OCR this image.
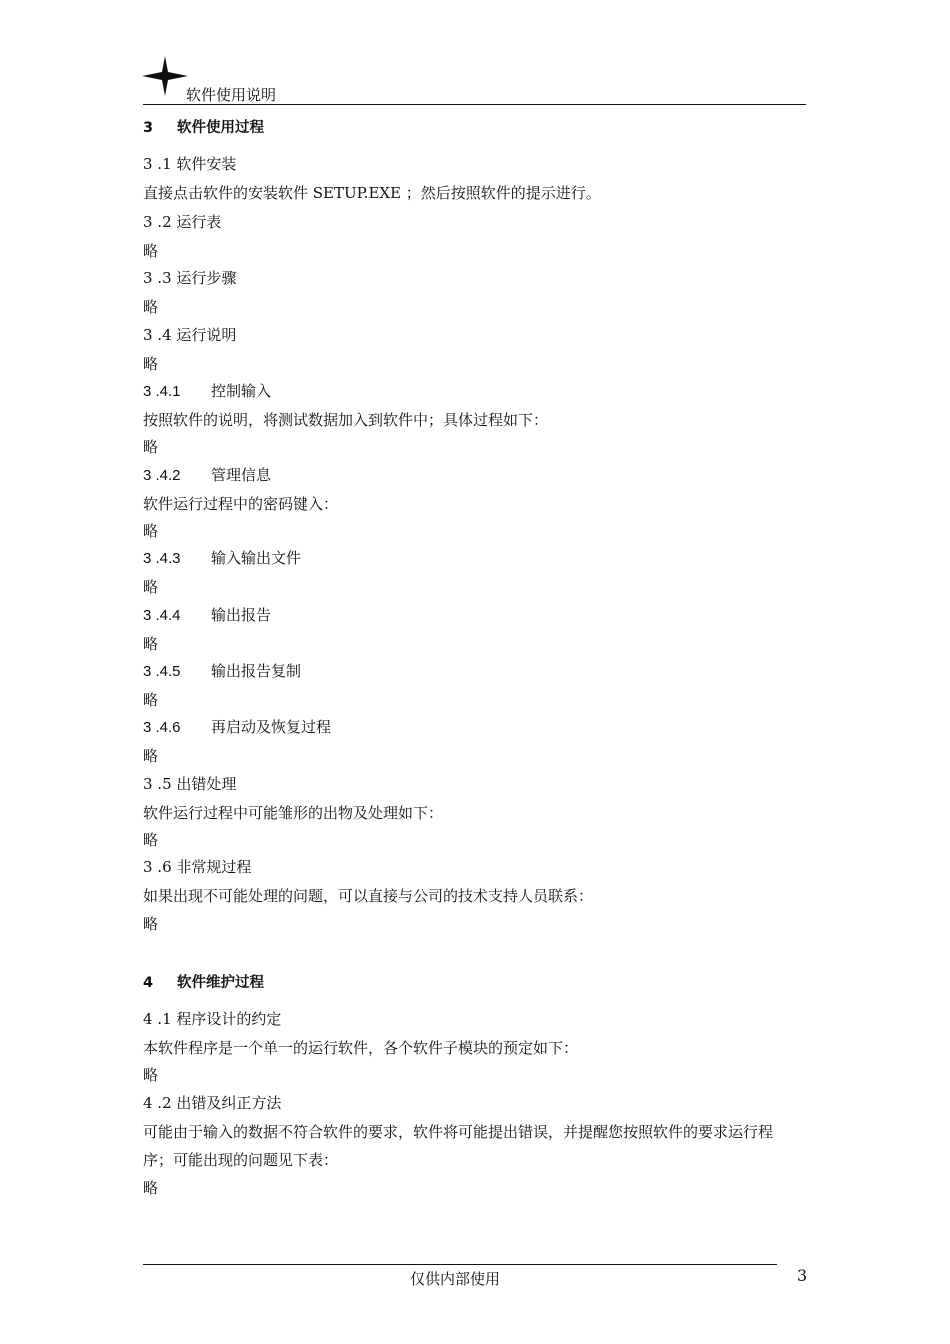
软件使用说明
3 软件使用过程
3 .1 软件安装
直接点击软件的安装软件 SETUP.EXE ；然后按照软件的提示进行。
3 .2 运行表
略
3 .3 运行步骤
略
3 .4 运行说明
略
3 .4.1 控制输入
按照软件的说明，将测试数据加入到软件中；具体过程如下：
略
3 .4.2 管理信息
软件运行过程中的密码键入：
略
3 .4.3 输入输出文件
略
3 .4.4 输出报告
略
3 .4.5 输出报告复制
略
3 .4.6 再启动及恢复过程
略
3 .5 出错处理
软件运行过程中可能雏形的出物及处理如下：
略
3 .6 非常规过程
如果出现不可能处理的问题，可以直接与公司的技术支持人员联系：
略
4 软件维护过程
4 .1 程序设计的约定
本软件程序是一个单一的运行软件，各个软件子模块的预定如下：
略
4 .2 出错及纠正方法
可能由于输入的数据不符合软件的要求，软件将可能提出错误，并提醒您按照软件的要求运行程
序；可能出现的问题见下表：
略
仅供内部使用	3
